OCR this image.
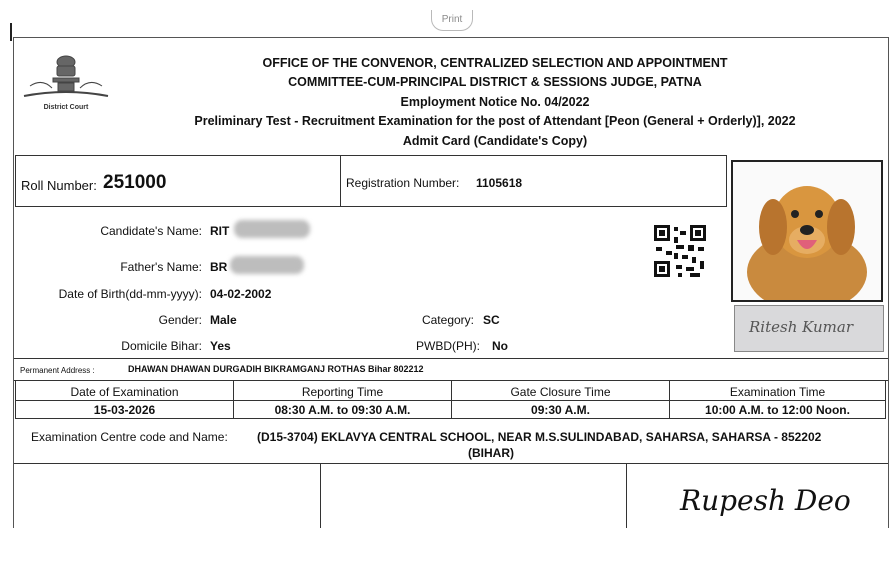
Print
District Court
OFFICE OF THE CONVENOR, CENTRALIZED SELECTION AND APPOINTMENT
COMMITTEE-CUM-PRINCIPAL DISTRICT & SESSIONS JUDGE, PATNA
Employment Notice No. 04/2022
Preliminary Test - Recruitment Examination for the post of Attendant [Peon (General + Orderly)], 2022
Admit Card (Candidate's Copy)
Roll Number: 251000	Registration Number: 1105618
Ritesh Kumar
Candidate's Name: RIT
Father's Name: BR
Date of Birth(dd-mm-yyyy): 04-02-2002
Gender: Male	Category: SC
Domicile Bihar: Yes	PWBD(PH): No
Permanent Address :	DHAWAN DHAWAN DURGADIH BIKRAMGANJ ROTHAS Bihar 802212
Date of Examination	Reporting Time	Gate Closure Time	Examination Time
15-03-2026	08:30 A.M. to 09:30 A.M.	09:30 A.M.	10:00 A.M. to 12:00 Noon.
Examination Centre code and Name: (D15-3704) EKLAVYA CENTRAL SCHOOL, NEAR M.S.SULINDABAD, SAHARSA, SAHARSA - 852202
(BIHAR)
Rupesh Deo
